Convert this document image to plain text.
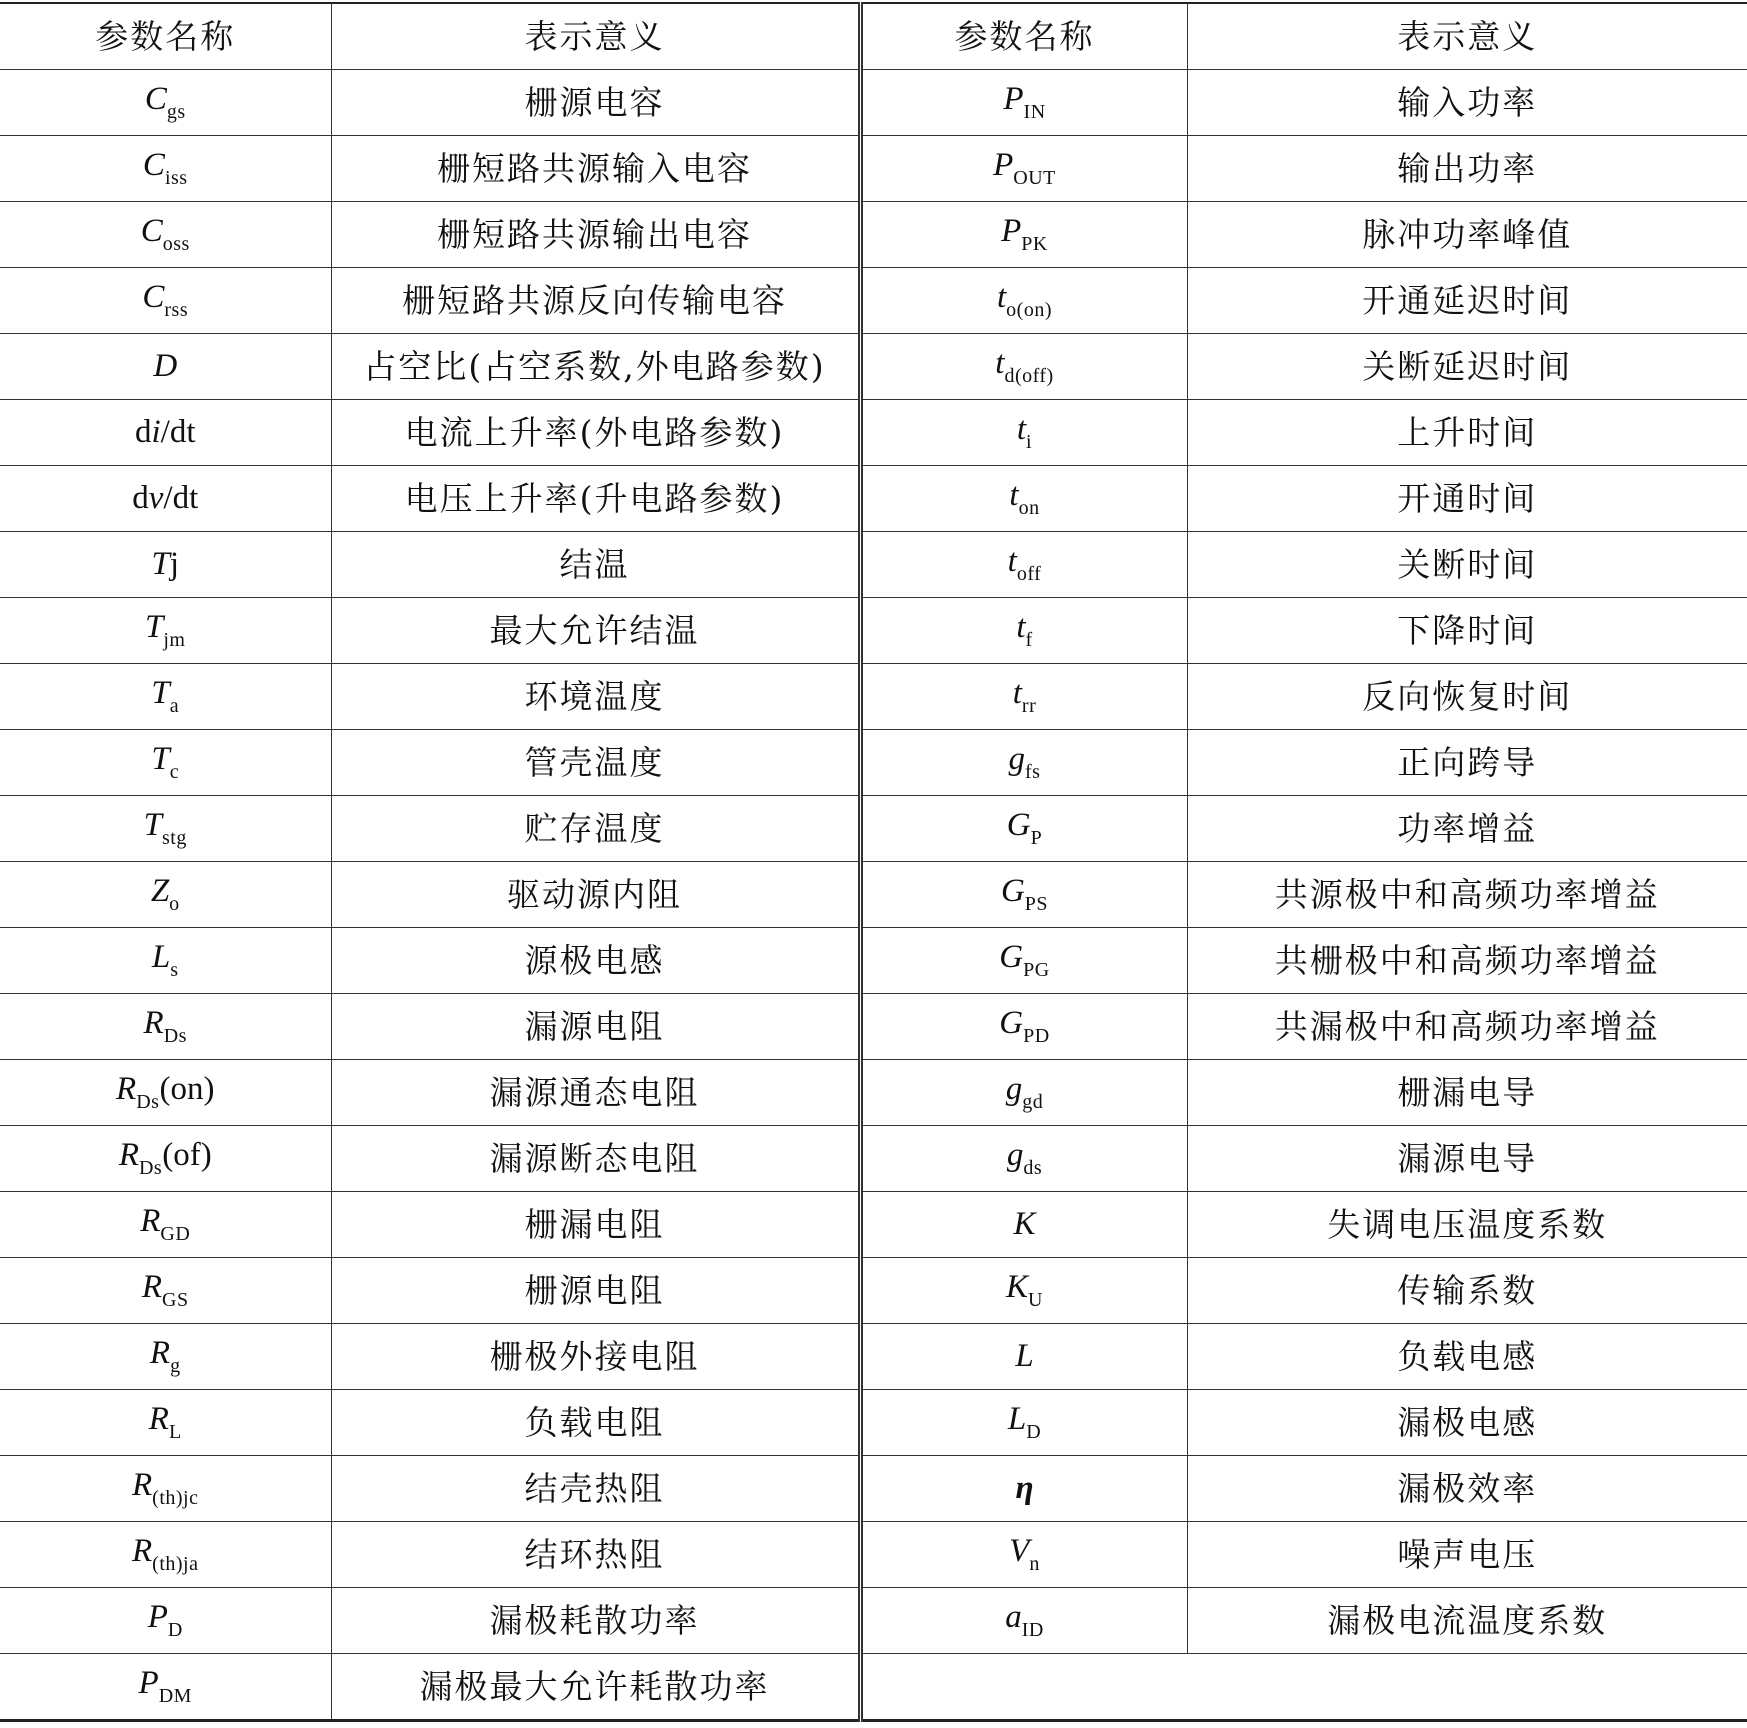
参数名称	表示意义	参数名称	表示意义
$C_{gs}$	栅源电容	$P_{IN}$	输入功率
$C_{iss}$	栅短路共源输入电容	$P_{OUT}$	输出功率
$C_{oss}$	栅短路共源输出电容	$P_{PK}$	脉冲功率峰值
$C_{rss}$	栅短路共源反向传输电容	$t_{o(on)}$	开通延迟时间
D	占空比(占空系数,外电路参数)	$t_{d(off)}$	关断延迟时间
di/dt	电流上升率(外电路参数)	$t_i$	上升时间
dv/dt	电压上升率(升电路参数)	$t_{on}$	开通时间
Tj	结温	$t_{off}$	关断时间
$T_{jm}$	最大允许结温	$t_f$	下降时间
$T_a$	环境温度	$t_{rr}$	反向恢复时间
$T_c$	管壳温度	$g_{fs}$	正向跨导
$T_{stg}$	贮存温度	$G_P$	功率增益
$Z_o$	驱动源内阻	$G_{PS}$	共源极中和高频功率增益
$L_s$	源极电感	$G_{PG}$	共栅极中和高频功率增益
$R_{Ds}$	漏源电阻	$G_{PD}$	共漏极中和高频功率增益
$R_{Ds}(on)$	漏源通态电阻	$g_{gd}$	栅漏电导
$R_{Ds}(of)$	漏源断态电阻	$g_{ds}$	漏源电导
$R_{GD}$	栅漏电阻	K	失调电压温度系数
$R_{GS}$	栅源电阻	$K_U$	传输系数
$R_g$	栅极外接电阻	L	负载电感
$R_L$	负载电阻	$L_D$	漏极电感
$R_{(th)jc}$	结壳热阻	η	漏极效率
$R_{(th)ja}$	结环热阻	$V_n$	噪声电压
$P_D$	漏极耗散功率	$a_{ID}$	漏极电流温度系数
$P_{DM}$	漏极最大允许耗散功率		
